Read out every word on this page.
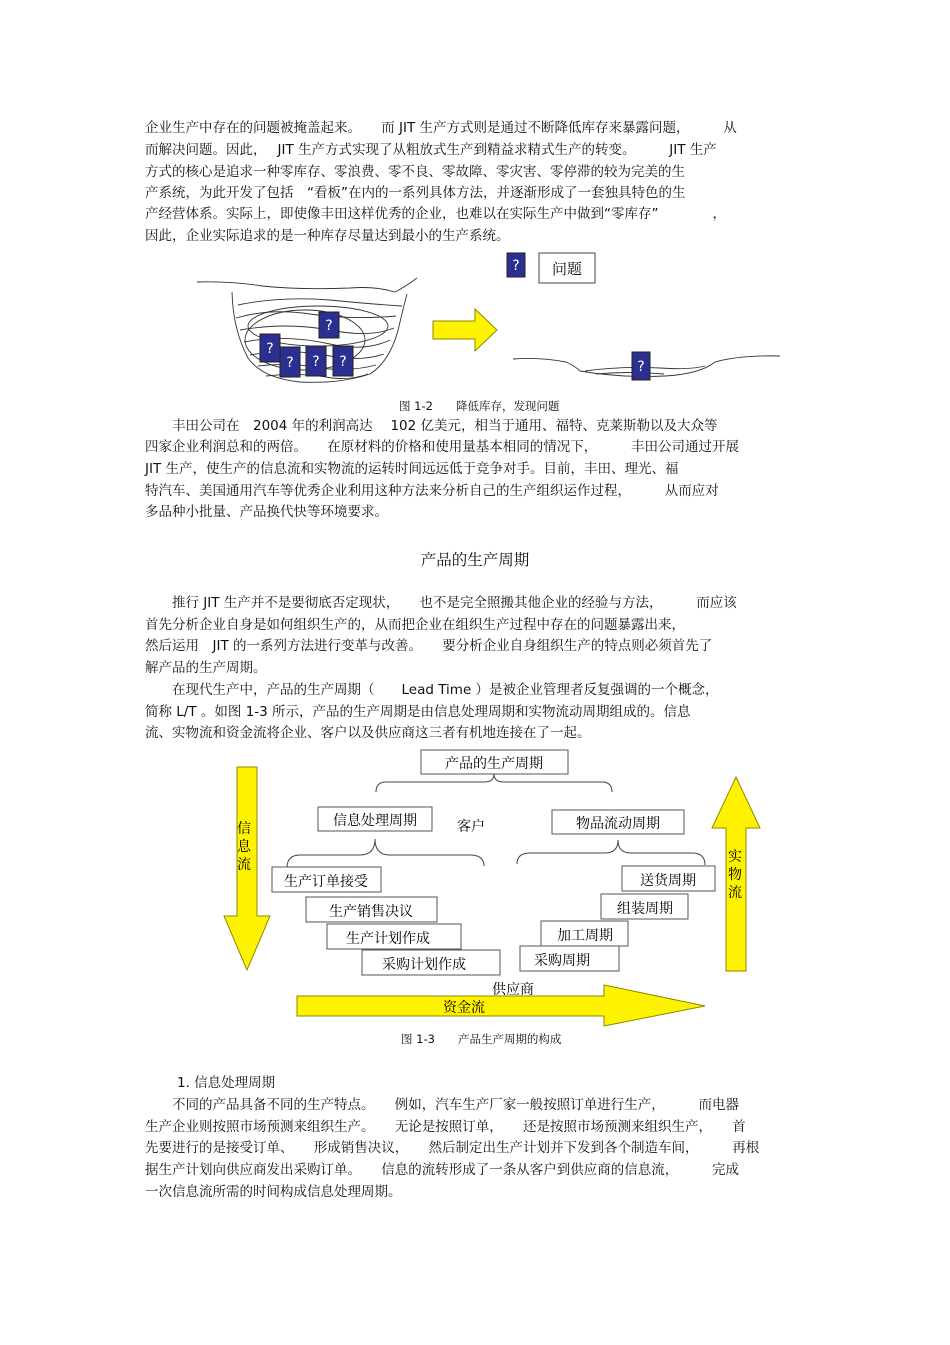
企业生产中存在的问题被掩盖起来。　　而 JIT 生产方式则是通过不断降低库存来暴露问题，　　　从
而解决问题。因此，　 JIT 生产方式实现了从粗放式生产到精益求精式生产的转变。　　　JIT 生产
方式的核心是追求一种零库存、零浪费、零不良、零故障、零灾害、零停滞的较为完美的生
产系统，为此开发了包括　“看板”在内的一系列具体方法，并逐渐形成了一套独具特色的生
产经营体系。实际上，即使像丰田这样优秀的企业，也难以在实际生产中做到“零库存”　　　　，
因此，企业实际追求的是一种库存尽量达到最小的生产系统。
?
?
? ? ?	?
? 问题
图 1-2　　降低库存，发现问题
　　丰田公司在　2004 年的利润高达　 102 亿美元，相当于通用、福特、克莱斯勒以及大众等
四家企业利润总和的两倍。　　在原材料的价格和使用量基本相同的情况下，　　　丰田公司通过开展
JIT 生产，使生产的信息流和实物流的运转时间远远低于竞争对手。目前，丰田、理光、福
特汽车、美国通用汽车等优秀企业利用这种方法来分析自己的生产组织运作过程，　　　从而应对
多品种小批量、产品换代快等环境要求。
产品的生产周期
　　推行 JIT 生产并不是要彻底否定现状，　　也不是完全照搬其他企业的经验与方法，　　　而应该
首先分析企业自身是如何组织生产的，从而把企业在组织生产过程中存在的问题暴露出来，
然后运用　JIT 的一系列方法进行变革与改善。　　要分析企业自身组织生产的特点则必须首先了
解产品的生产周期。
　　在现代生产中，产品的生产周期（　　Lead Time ）是被企业管理者反复强调的一个概念，
简称 L/T 。如图 1-3 所示，产品的生产周期是由信息处理周期和实物流动周期组成的。信息
流、实物流和资金流将企业、客户以及供应商这三者有机地连接在了一起。
产品的生产周期
信息处理周期	客户	物品流动周期
生产订单接受
生产销售决议
生产计划作成
采购计划作成
送货周期
组装周期
加工周期
采购周期
供应商
信
息
流	实
物
流
资金流
图 1-3　　产品生产周期的构成
1. 信息处理周期
　　不同的产品具备不同的生产特点。　　例如，汽车生产厂家一般按照订单进行生产，　　　而电器
生产企业则按照市场预测来组织生产。　　无论是按照订单，　　还是按照市场预测来组织生产，　　首
先要进行的是接受订单、　　形成销售决议，　　然后制定出生产计划并下发到各个制造车间，　　　再根
据生产计划向供应商发出采购订单。　　信息的流转形成了一条从客户到供应商的信息流，　　　完成
一次信息流所需的时间构成信息处理周期。
